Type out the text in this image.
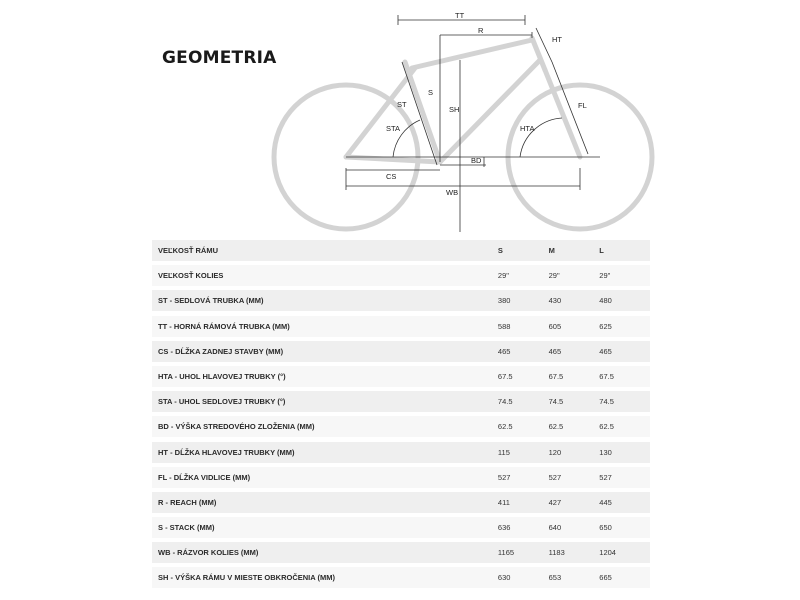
GEOMETRIA
TT
R
HT
FL
ST
S
SH
STA	HTA
BD
CS
WB
VEĽKOSŤ RÁMU	S	M	L
VEĽKOSŤ KOLIES	29"	29"	29"
ST - SEDLOVÁ TRUBKA (MM)	380	430	480
TT - HORNÁ RÁMOVÁ TRUBKA (MM)	588	605	625
CS - DĹŽKA ZADNEJ STAVBY (MM)	465	465	465
HTA - UHOL HLAVOVEJ TRUBKY (°)	67.5	67.5	67.5
STA - UHOL SEDLOVEJ TRUBKY (°)	74.5	74.5	74.5
BD - VÝŠKA STREDOVÉHO ZLOŽENIA (MM)	62.5	62.5	62.5
HT - DĹŽKA HLAVOVEJ TRUBKY (MM)	115	120	130
FL - DĹŽKA VIDLICE (MM)	527	527	527
R - REACH (MM)	411	427	445
S - STACK (MM)	636	640	650
WB - RÁZVOR KOLIES (MM)	1165	1183	1204
SH - VÝŠKA RÁMU V MIESTE OBKROČENIA (MM)	630	653	665
